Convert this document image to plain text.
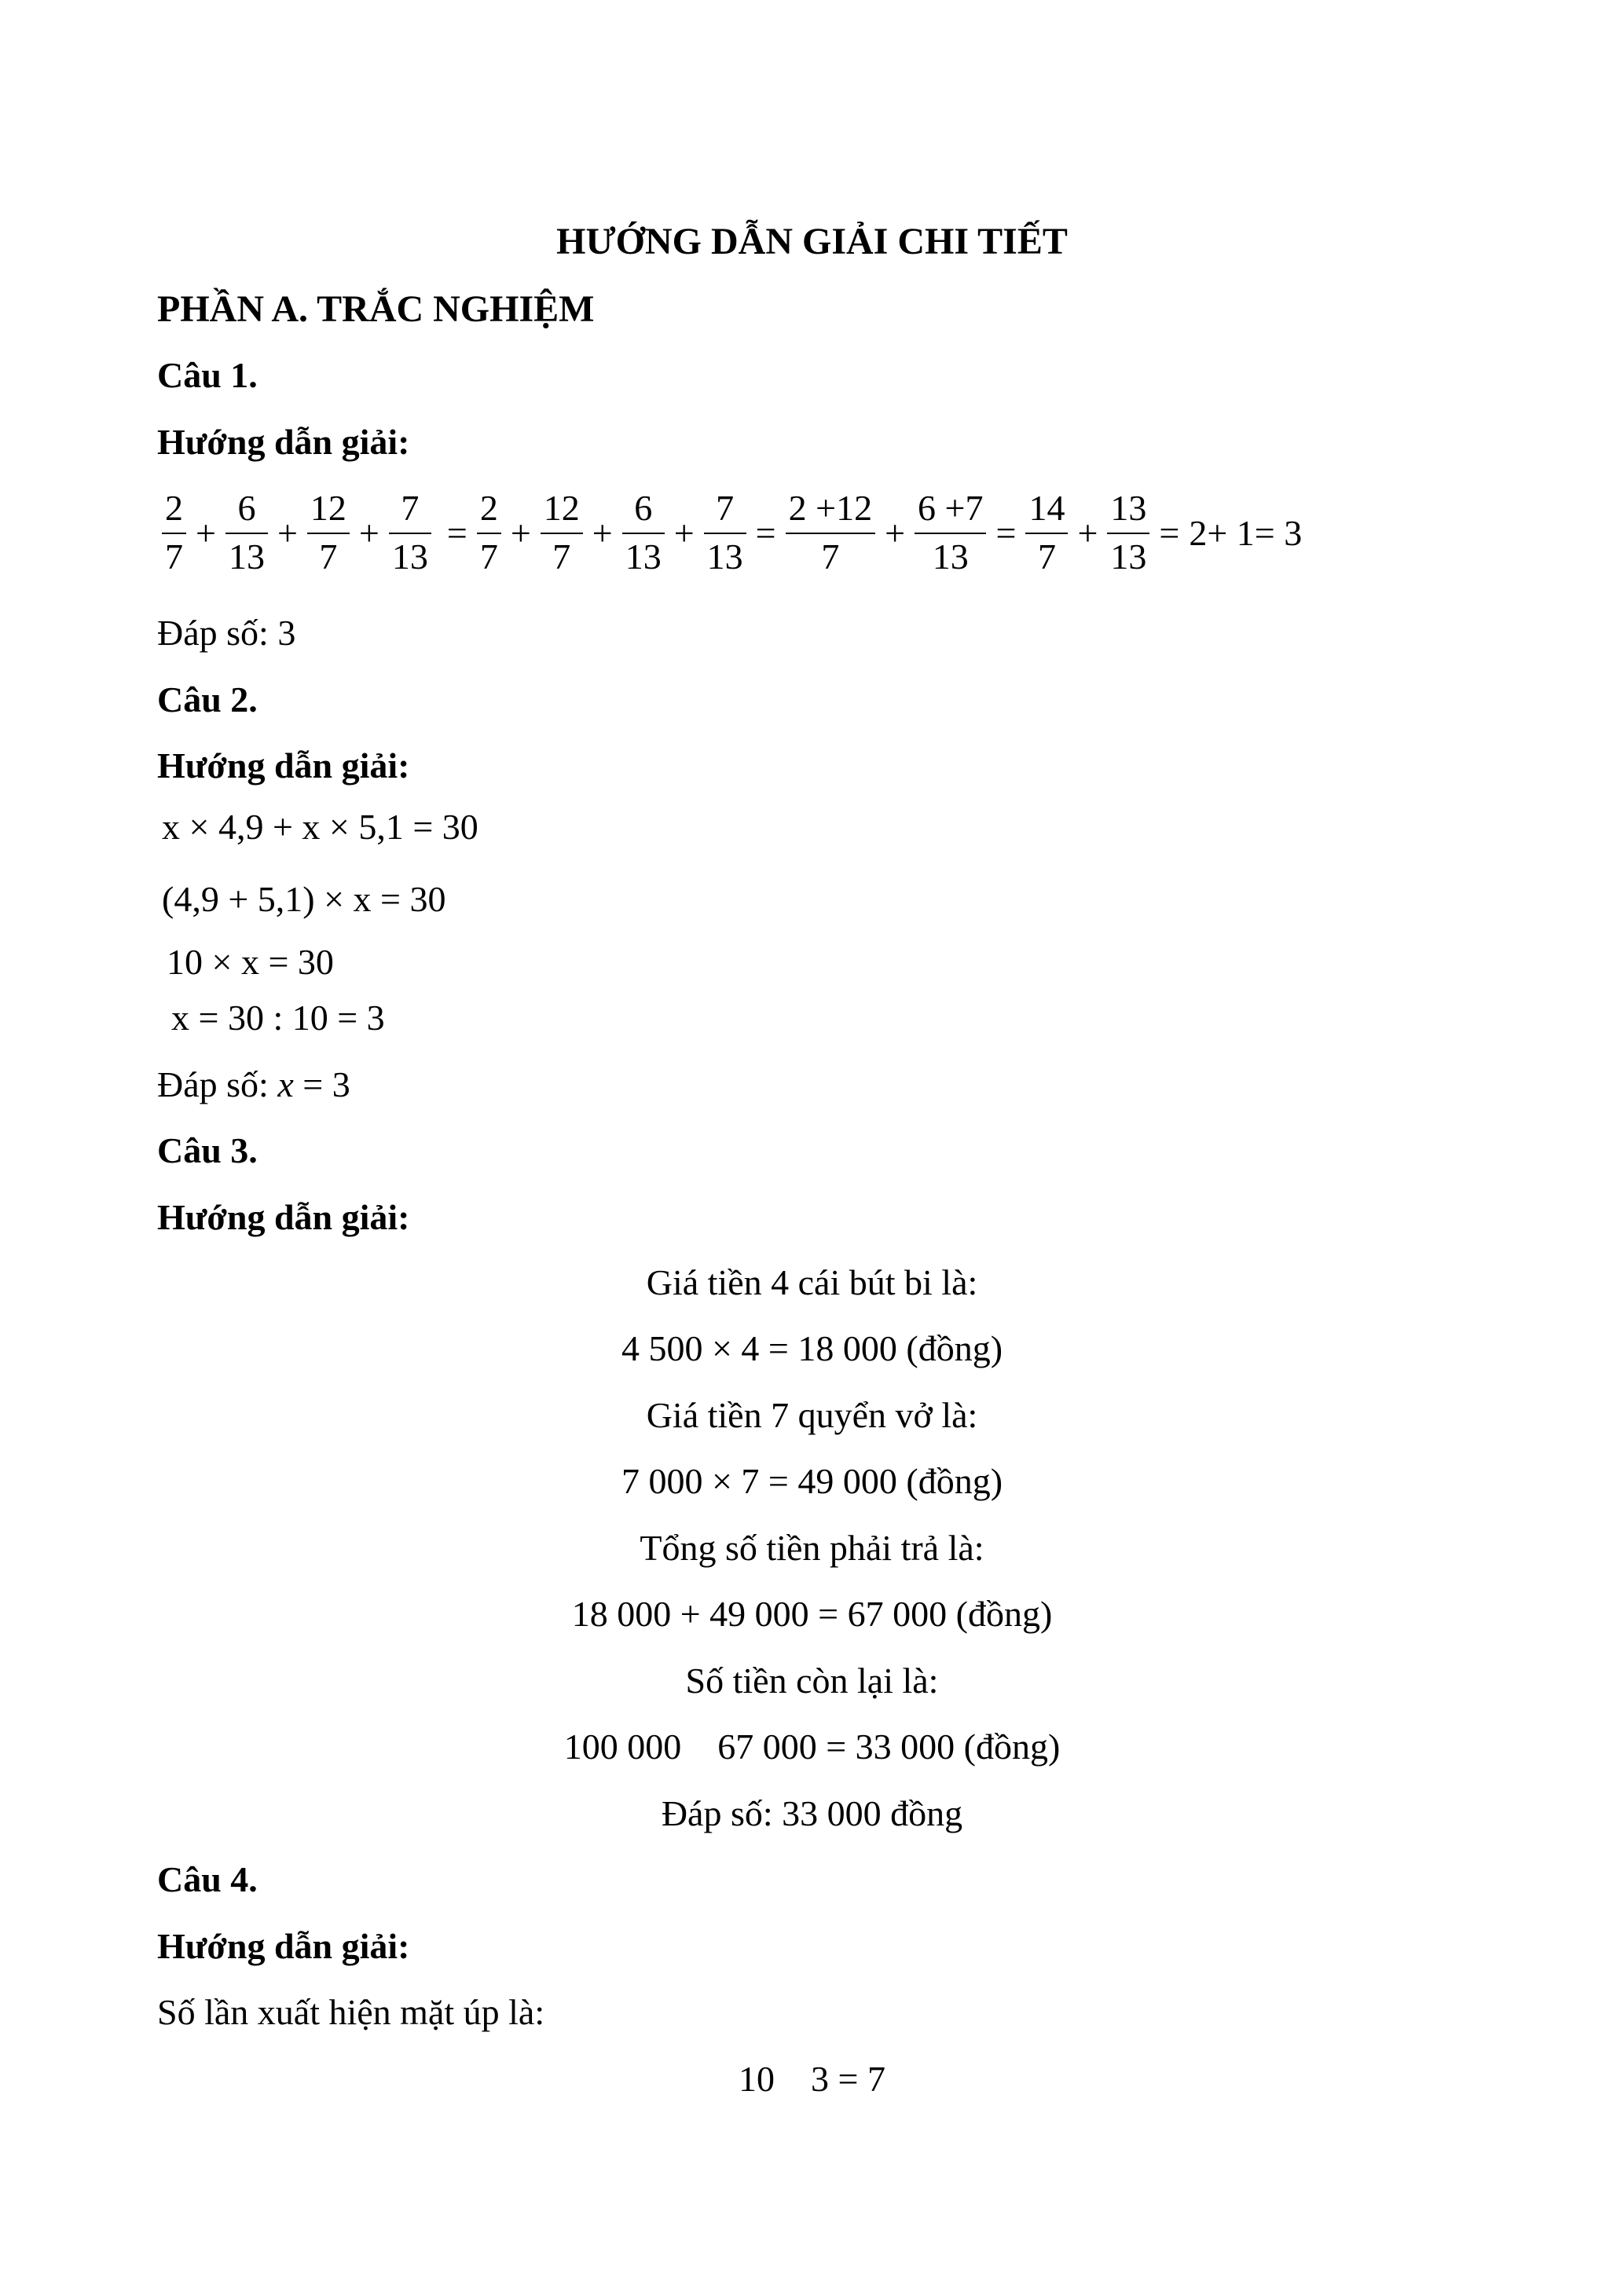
HƯỚNG DẪN GIẢI CHI TIẾT
PHẦN A. TRẮC NGHIỆM
Câu 1.
Hướng dẫn giải:
$\frac{2}{7} + \frac{6}{13} + \frac{12}{7} + \frac{7}{13} = \frac{2}{7} + \frac{12}{7} + \frac{6}{13} + \frac{7}{13} = \frac{2 +12}{7} + \frac{6 +7}{13} = \frac{14}{7} + \frac{13}{13} = 2+ 1= 3$
Đáp số: 3
Câu 2.
Hướng dẫn giải:
x × 4,9 + x × 5,1 = 30
(4,9 + 5,1) × x = 30
10 × x = 30
x = 30 : 10 = 3
Đáp số: x = 3
Câu 3.
Hướng dẫn giải:
Giá tiền 4 cái bút bi là:
4 500 × 4 = 18 000 (đồng)
Giá tiền 7 quyển vở là:
7 000 × 7 = 49 000 (đồng)
Tổng số tiền phải trả là:
18 000 + 49 000 = 67 000 (đồng)
Số tiền còn lại là:
100 000    67 000 = 33 000 (đồng)
Đáp số: 33 000 đồng
Câu 4.
Hướng dẫn giải:
Số lần xuất hiện mặt úp là:
10    3 = 7
